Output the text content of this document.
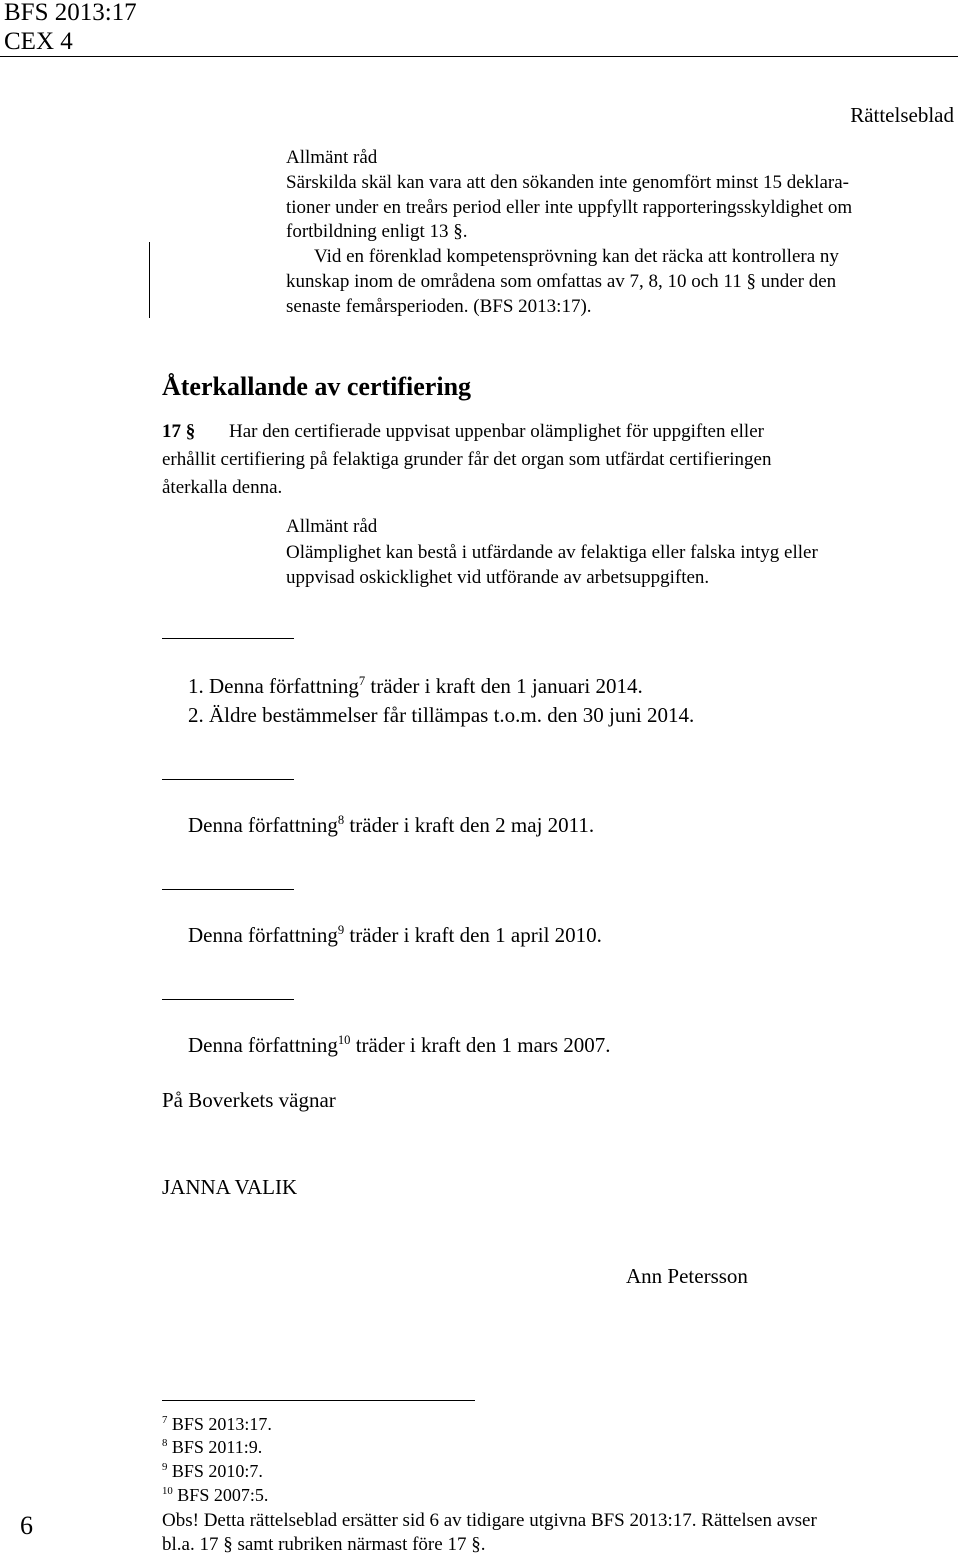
BFS 2013:17
CEX 4
Rättelseblad
Allmänt råd
Särskilda skäl kan vara att den sökanden inte genomfört minst 15 deklara-
tioner under en treårs period eller inte uppfyllt rapporteringsskyldighet om
fortbildning enligt 13 §.
Vid en förenklad kompetensprövning kan det räcka att kontrollera ny
kunskap inom de områdena som omfattas av 7, 8, 10 och 11 § under den
senaste femårsperioden. (BFS 2013:17).
Återkallande av certifiering
17 § Har den certifierade uppvisat uppenbar olämplighet för uppgiften eller
erhållit certifiering på felaktiga grunder får det organ som utfärdat certifieringen
återkalla denna.
Allmänt råd
Olämplighet kan bestå i utfärdande av felaktiga eller falska intyg eller
uppvisad oskicklighet vid utförande av arbetsuppgiften.
1. Denna författning$^7$ träder i kraft den 1 januari 2014.
2. Äldre bestämmelser får tillämpas t.o.m. den 30 juni 2014.
Denna författning$^8$ träder i kraft den 2 maj 2011.
Denna författning$^9$ träder i kraft den 1 april 2010.
Denna författning$^{10}$ träder i kraft den 1 mars 2007.
På Boverkets vägnar
JANNA VALIK
Ann Petersson
$^7$ BFS 2013:17.
$^8$ BFS 2011:9.
$^9$ BFS 2010:7.
$^{10}$ BFS 2007:5.
Obs! Detta rättelseblad ersätter sid 6 av tidigare utgivna BFS 2013:17. Rättelsen avser
bl.a. 17 § samt rubriken närmast före 17 §.
6
